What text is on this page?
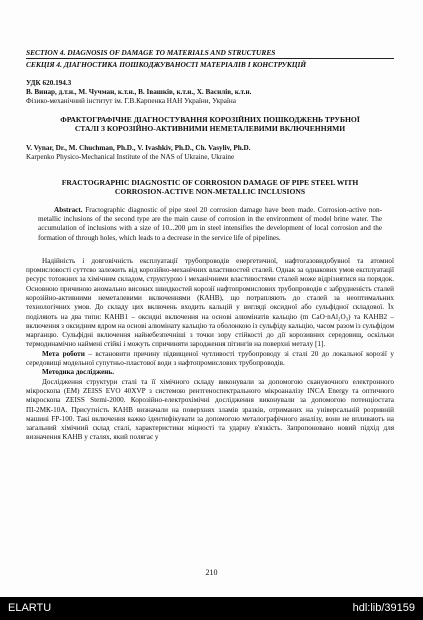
SECTION 4. DIAGNOSIS OF DAMAGE TO MATERIALS AND STRUCTURES
СЕКЦІЯ 4. ДІАГНОСТИКА ПОШКОДЖУВАНОСТІ МАТЕРІАЛІВ І КОНСТРУКЦІЙ
УДК 620.194.3
В. Винар, д.т.н., М. Чучман, к.т.н., В. Івашків, к.т.н., Х. Василів, к.т.н.
Фізико-механічний інститут ім. Г.В.Карпенка НАН України, Україна
ФРАКТОГРАФІЧНЕ ДІАГНОСТУВАННЯ КОРОЗІЙНИХ ПОШКОДЖЕНЬ ТРУБНОЇ СТАЛІ З КОРОЗІЙНО-АКТИВНИМИ НЕМЕТАЛЕВИМИ ВКЛЮЧЕННЯМИ
V. Vynar, Dr., M. Chuchman, Ph.D., V. Ivashkiv, Ph.D., Ch. Vasyliv, Ph.D.
Karpenko Physico-Mechanical Institute of the NAS of Ukraine, Ukraine
FRACTOGRAPHIC DIAGNOSTIC OF CORROSION DAMAGE OF PIPE STEEL WITH CORROSION-ACTIVE NON-METALLIC INCLUSIONS

Abstract. Fractographic diagnostic of pipe steel 20 corrosion damage have been made. Corrosion-active non-metallic inclusions of the second type are the main cause of corrosion in the environment of model brine water. The accumulation of inclusions with a size of 10...200 µm in steel intensifies the development of local corrosion and the formation of through holes, which leads to a decrease in the service life of pipelines.

Надійність і довговічність експлуатації трубопроводів енергетичної, нафтогазовидобувної та атомної промисловості суттєво залежить від корозійно-механічних властивостей сталей. Однак за однакових умов експлуатації ресурс тотожних за хімічним складом, структурою і механічними властивостями сталей може відрізнятися на порядок. Основною причиною аномально високих швидкостей корозії нафтопромислових трубопроводів є забрудненість сталей корозійно-активними неметалевими включеннями (КАНВ), що потрапляють до сталей за неоптимальних технологічних умов. До складу цих включень входить кальцій у вигляді оксидної або сульфідної складової. Їх поділяють на два типи: КАНВ1 – оксидні включення на основі алюмінатів кальцію (m CaO·nAl₂O₃) та КАНВ2 – включення з оксидним ядром на основі алюмінату кальцію та оболонкою із сульфіду кальцію, часом разом із сульфідом марганцю. Сульфідні включення найнебезпечніші з точки зору стійкості до дії корозивних середовищ, оскільки термодинамічно наймені стійкі і можуть спричиняти зародження пітингів на поверхні металу [1].

Мета роботи – встановити причину підвищеної чутливості трубопроводу зі сталі 20 до локальної корозії у середовищі модельної супутньо-пластової води з нафтопромислових трубопроводів.

Методика досліджень.

Дослідження структури сталі та її хімічного складу виконували за допомогою сканувочного електронного мікроскопа (ЕМ) ZEISS EVO 40XVP з системою рентгеноспектрального мікроаналізу INCA Energy та оптичного мікроскопа ZEISS Stemi-2000. Корозійно-електрохімічні дослідження виконували за допомогою потенціостата ПІ-2МК-10А. Присутність КАНВ визначали на поверхнях зламів зразків, отриманих на універсальній розривній машині FP-100. Такі включення важко ідентифікувати за допомогою металографічного аналізу, вони не впливають на загальний хімічний склад сталі, характеристики міцності та ударну в'язкість. Запропоновано новий підхід для визначення КАНВ у сталях, який полягає у

210
ELARTU	hdl:lib/39159
